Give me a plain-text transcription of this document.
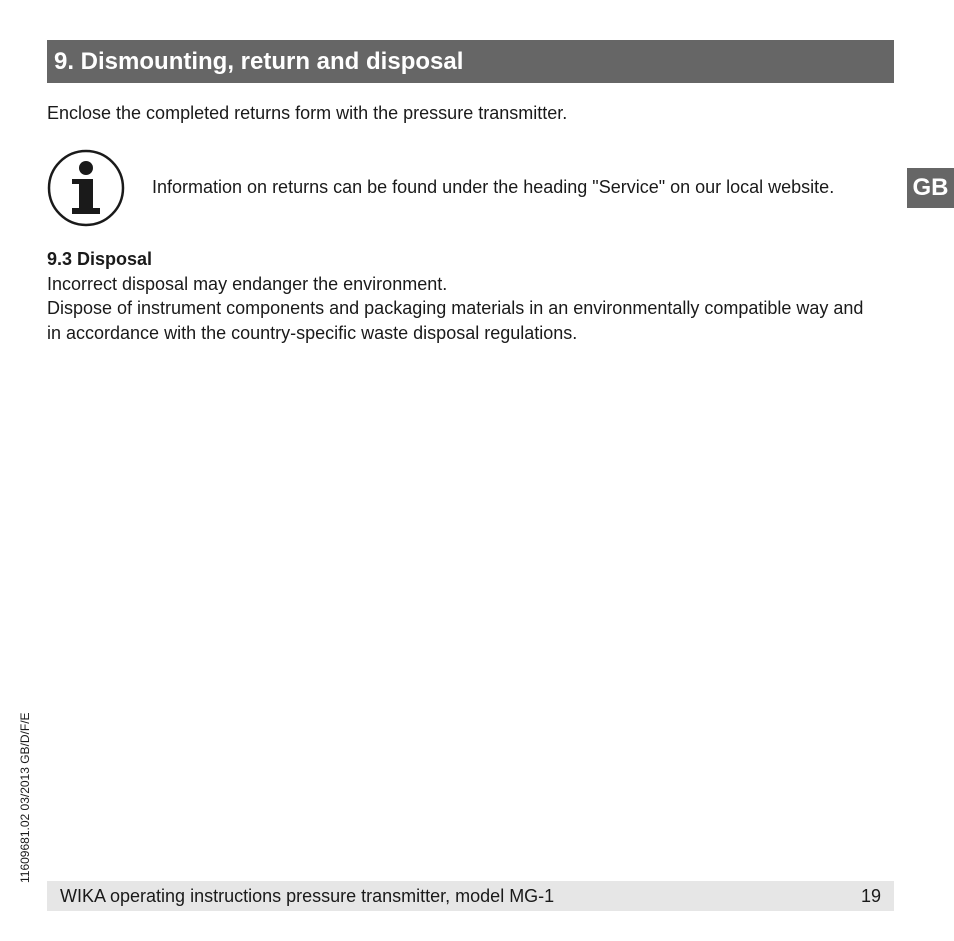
9. Dismounting, return and disposal

Enclose the completed returns form with the pressure transmitter.

Information on returns can be found under the heading "Service" on our local website.	GB
9.3 Disposal

Incorrect disposal may endanger the environment.

Dispose of instrument components and packaging materials in an environmentally compatible way and in accordance with the country-specific waste disposal regulations.

11609681.02 03/2013 GB/D/F/E
WIKA operating instructions pressure transmitter, model MG-1	19
